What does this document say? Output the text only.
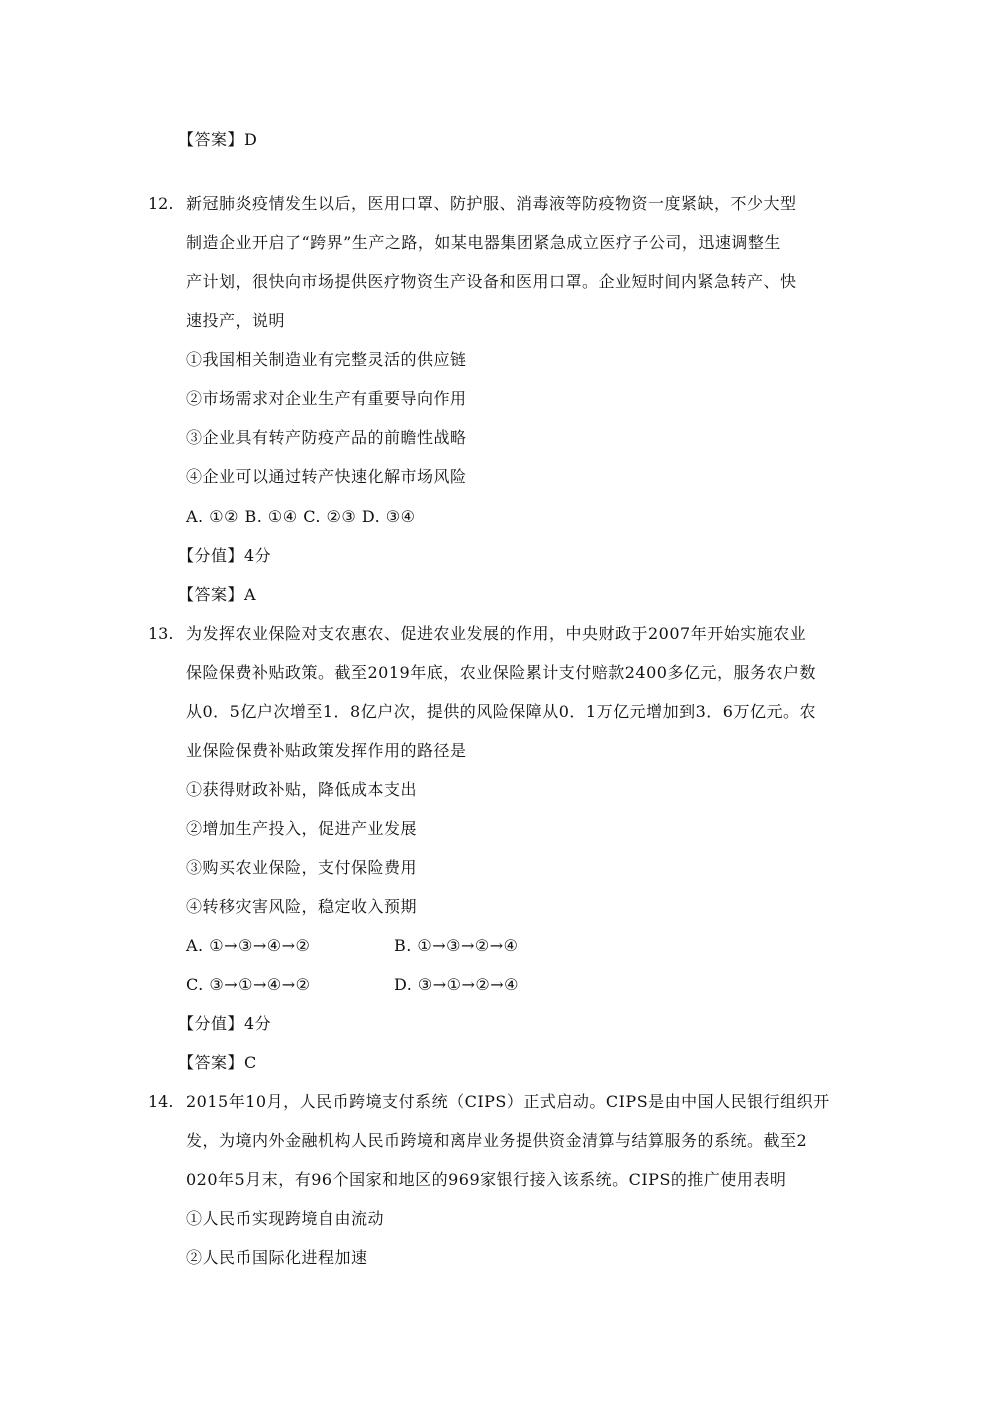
【答案】D
12. 新冠肺炎疫情发生以后，医用口罩、防护服、消毒液等防疫物资一度紧缺，不少大型
制造企业开启了“跨界”生产之路，如某电器集团紧急成立医疗子公司，迅速调整生
产计划，很快向市场提供医疗物资生产设备和医用口罩。企业短时间内紧急转产、快
速投产，说明
①我国相关制造业有完整灵活的供应链
②市场需求对企业生产有重要导向作用
③企业具有转产防疫产品的前瞻性战略
④企业可以通过转产快速化解市场风险
A. ①② B. ①④ C. ②③ D. ③④
【分值】4分
【答案】A
13. 为发挥农业保险对支农惠农、促进农业发展的作用，中央财政于2007年开始实施农业
保险保费补贴政策。截至2019年底，农业保险累计支付赔款2400多亿元，服务农户数
从0．5亿户次增至1．8亿户次，提供的风险保障从0．1万亿元增加到3．6万亿元。农
业保险保费补贴政策发挥作用的路径是
①获得财政补贴，降低成本支出
②增加生产投入，促进产业发展
③购买农业保险，支付保险费用
④转移灾害风险，稳定收入预期
A. ①→③→④→②	B. ①→③→②→④
C. ③→①→④→②	D. ③→①→②→④
【分值】4分
【答案】C
14. 2015年10月，人民币跨境支付系统（CIPS）正式启动。CIPS是由中国人民银行组织开
发，为境内外金融机构人民币跨境和离岸业务提供资金清算与结算服务的系统。截至2
020年5月末，有96个国家和地区的969家银行接入该系统。CIPS的推广使用表明
①人民币实现跨境自由流动
②人民币国际化进程加速
